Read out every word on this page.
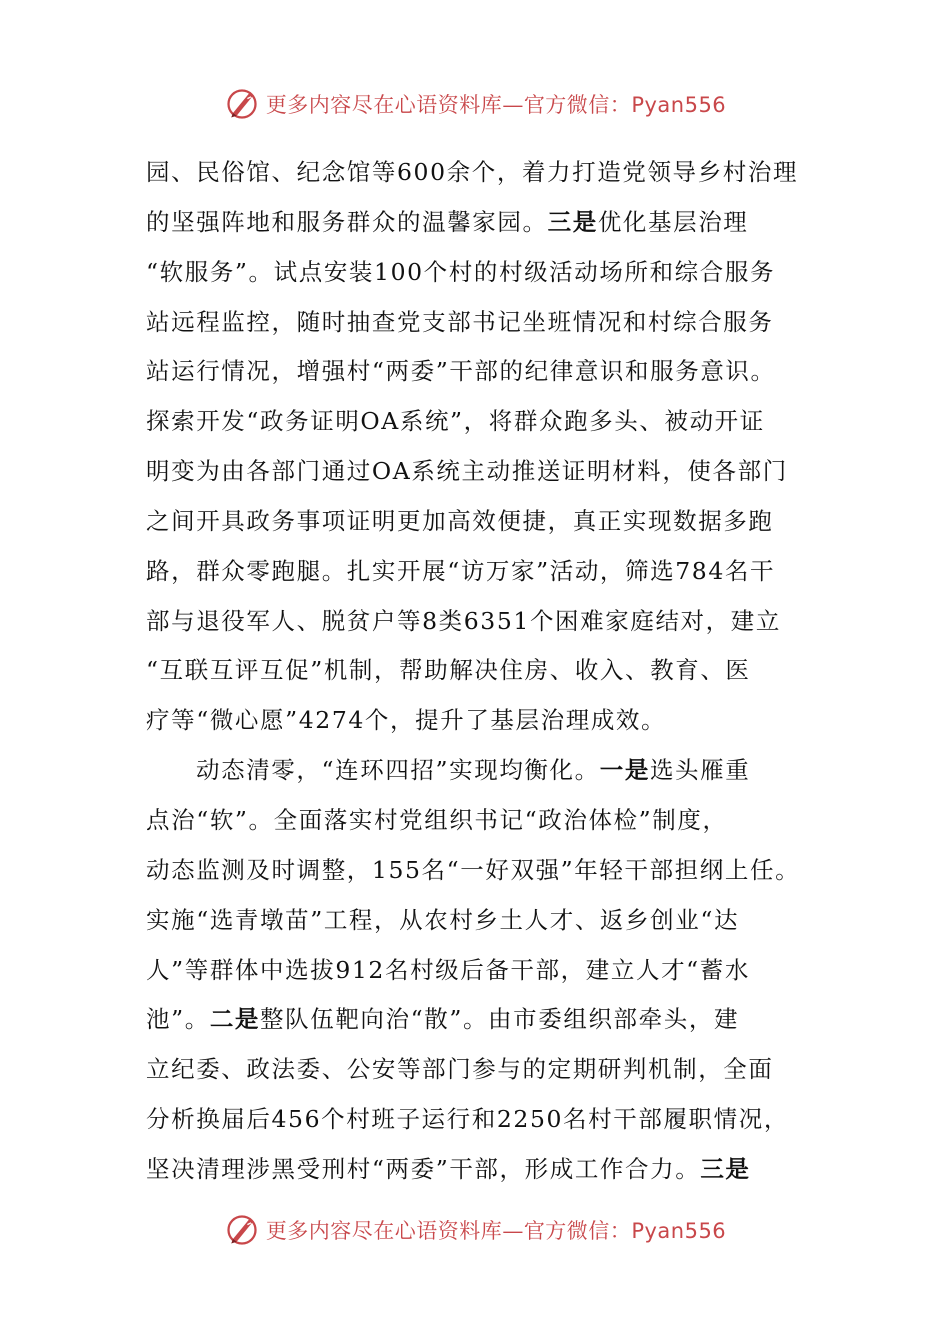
更多内容尽在心语资料库—官方微信：Pyan556
园、民俗馆、纪念馆等600余个，着力打造党领导乡村治理
的坚强阵地和服务群众的温馨家园。三是优化基层治理
“软服务”。试点安装100个村的村级活动场所和综合服务
站远程监控，随时抽查党支部书记坐班情况和村综合服务
站运行情况，增强村“两委”干部的纪律意识和服务意识。
探索开发“政务证明OA系统”，将群众跑多头、被动开证
明变为由各部门通过OA系统主动推送证明材料，使各部门
之间开具政务事项证明更加高效便捷，真正实现数据多跑
路，群众零跑腿。扎实开展“访万家”活动，筛选784名干
部与退役军人、脱贫户等8类6351个困难家庭结对，建立
“互联互评互促”机制，帮助解决住房、收入、教育、医
疗等“微心愿”4274个，提升了基层治理成效。
动态清零，“连环四招”实现均衡化。一是选头雁重
点治“软”。全面落实村党组织书记“政治体检”制度，
动态监测及时调整，155名“一好双强”年轻干部担纲上任。
实施“选青墩苗”工程，从农村乡土人才、返乡创业“达
人”等群体中选拔912名村级后备干部，建立人才“蓄水
池”。二是整队伍靶向治“散”。由市委组织部牵头，建
立纪委、政法委、公安等部门参与的定期研判机制，全面
分析换届后456个村班子运行和2250名村干部履职情况，
坚决清理涉黑受刑村“两委”干部，形成工作合力。三是
更多内容尽在心语资料库—官方微信：Pyan556
